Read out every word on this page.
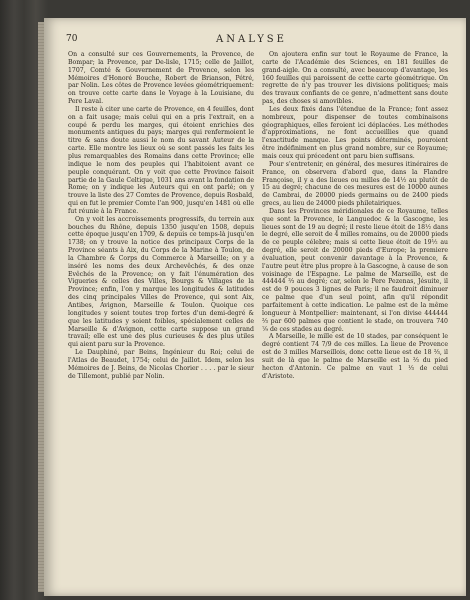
70	ANALYSE

On a consulté sur ces Gouvernements, la Provence, de Bompar; la Provence, par De-lisle, 1715; celle de Jaillot, 1707, Comté & Gouvernement de Provence, selon les Mémoires d'Honoré Bouche, Robert de Brianson, Pétré, par Nolin. Les côtes de Provence levées géométriquement: on trouve cette carte dans le Voyage à la Louisiane, du Pere Laval.

Il reste à citer une carte de Provence, en 4 feuilles, dont on a fait usage; mais celui qui en a pris l'extrait, en a coupé & perdu les marges, qui étoient enrichies des monuments antiques du pays; marges qui renfermoient le titre & sans doute aussi le nom du savant Auteur de la carte. Elle montre les lieux où se sont passés les faits les plus remarquables des Romains dans cette Province; elle indique le nom des peuples qui l'habitoient avant ce peuple conquérant. On y voit que cette Province faisoit partie de la Gaule Celtique, 1031 ans avant la fondation de Rome; on y indique les Auteurs qui en ont parlé; on y trouve la liste des 27 Comtes de Provence, depuis Rosbald, qui en fut le premier Comte l'an 900, jusqu'en 1481 où elle fut réunie à la France.

On y voit les accroissements progressifs, du terrein aux bouches du Rhône, depuis 1350 jusqu'en 1508, depuis cette époque jusqu'en 1709, & depuis ce temps-là jusqu'en 1738; on y trouve la notice des principaux Corps de la Province séants à Aix, du Corps de la Marine à Toulon, de la Chambre & Corps du Commerce à Marseille; on y a inséré les noms des deux Archevêchés, & des onze Evêchés de la Provence; on y fait l'énumération des Vigueries & celles des Villes, Bourgs & Villages de la Province; enfin, l'on y marque les longitudes & latitudes des cinq principales Villes de Provence, qui sont Aix, Antibes, Avignon, Marseille & Toulon. Quoique ces longitudes y soient toutes trop fortes d'un demi-degré & que les latitudes y soient foibles, spécialement celles de Marseille & d'Avignon, cette carte suppose un grand travail; elle est une des plus curieuses & des plus utiles qui aient paru sur la Provence.

Le Dauphiné, par Beins, Ingénieur du Roi; celui de l'Atlas de Beaudet, 1754; celui de Jaillot. Idem, selon les Mémoires de J. Beins, de Nicolas Chorier . . . . par le sieur de Tillemont, publié par Nolin.

On ajoutera enfin sur tout le Royaume de France, la carte de l'Académie des Sciences, en 181 feuilles de grand-aigle. On a consulté, avec beaucoup d'avantage, les 160 feuilles qui paroissent de cette carte géométrique. On regrette de n'y pas trouver les divisions politiques; mais des travaux confiants de ce genre, n'admettent sans doute pas, des choses si amovibles.

Les deux fixés dans l'étendue de la France; font assez nombreux, pour dispenser de toutes combinaisons géographiques, elles feroient ici déplacées. Les méthodes d'approximations, ne font accueillies que quand l'exactitude manque. Les points déterminés, pouroient être indéfiniment en plus grand nombre, sur ce Royaume; mais ceux qui précedent ont paru bien suffisans.

Pour s'entretenir, en général, des mesures itinéraires de France, on observera d'abord que, dans la Flandre Françoise, il y a des lieues ou milles de 14½ au plutôt de 15 au degré; chacune de ces mesures est de 10000 aunes de Cambrai, de 20000 pieds germains ou de 2400 pieds grecs, au lieu de 24000 pieds philetairiques.

Dans les Provinces méridionales de ce Royaume, telles que sont la Provence, le Languedoc & la Gascogne, les lieues sont de 19 au degré; il reste lieue étoit de 18½ dans le degré, elle seroit de 4 milles romains, ou de 20000 pieds de ce peuple célebre; mais si cette lieue étoit de 19½ au degré, elle seroit de 20000 pieds d'Europe; la premiere évaluation, peut convenir davantage à la Provence, & l'autre peut être plus propre à la Gascogne, à cause de son voisinage de l'Espagne. Le palme de Marseille, est de 444444 ⅔ au degré; car, selon le Pere Pezenas, Jésuite, il est de 9 pouces 3 lignes de Paris; il ne faudroit diminuer ce palme que d'un seul point, afin qu'il répondit parfaitement à cette indication. Le palme est de la même longueur à Montpellier: maintenant, si l'on divise 444444 ⅔ par 600 palmes que contient le stade, on trouvera 740 ⁷⁄₉ de ces stades au degré.

A Marseille, le mille est de 10 stades, par conséquent le degré contient 74 7/9 de ces milles. La lieue de Provence est de 3 milles Marseillois, donc cette lieue est de 18 ⅔, il suit de là que le palme de Marseille est la ⅔ du pied hecton d'Antonin. Ce palme en vaut 1 ⅓ de celui d'Aristote.
